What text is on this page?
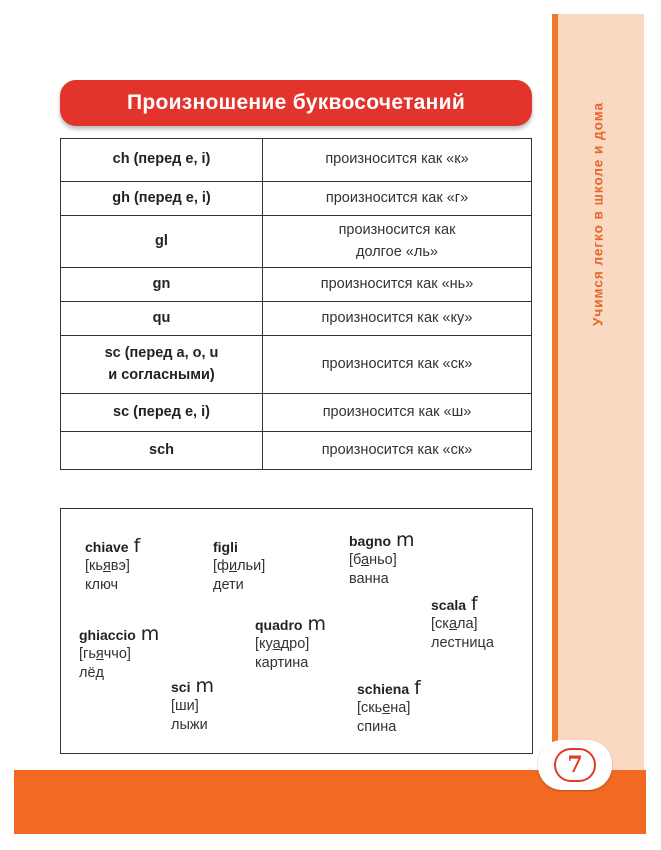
Учимся легко в школе и дома
7
Произношение буквосочетаний
ch (перед e, i)	произносится как «к»
gh (перед e, i)	произносится как «г»
gl	произносится как
долгое «ль»

gn	произносится как «нь»
qu	произносится как «ку»

sc (перед a, o, u
и согласными)	произносится как «ск»
sc (перед e, i)	произносится как «ш»
sch	произносится как «ск»
chiave f
[кьявэ]
ключ
figli
[фильи]
дети
bagno m
[баньо]
ванна
ghiaccio m
[гьяччо]
лёд
quadro m
[куадро]
картина
scala f
[скала]
лестница
sci m
[ши]
лыжи
schiena f
[скьена]
спина
